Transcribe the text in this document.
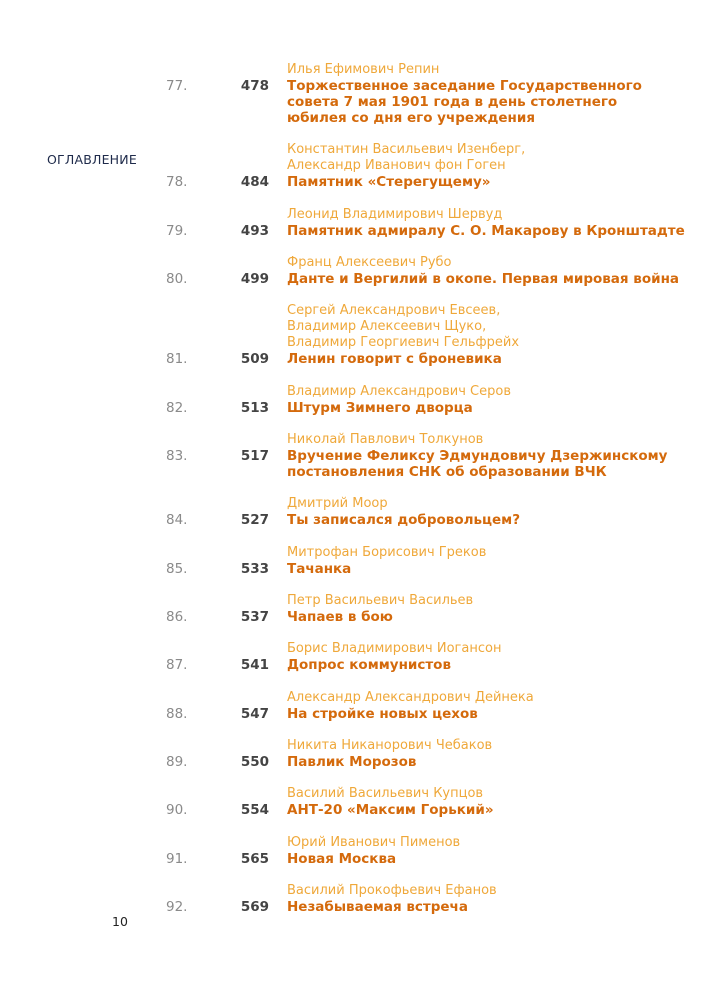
ОГЛАВЛЕНИЕ
10
Илья Ефимович Репин
77.	478 Торжественное заседание Государственного
совета 7 мая 1901 года в день столетнего
юбилея со дня его учреждения
Константин Васильевич Изенберг,
Александр Иванович фон Гоген
78.	484 Памятник «Стерегущему»
Леонид Владимирович Шервуд
79.	493 Памятник адмиралу С. О. Макарову в Кронштадте
Франц Алексеевич Рубо
80.	499 Данте и Вергилий в окопе. Первая мировая война
Сергей Александрович Евсеев,
Владимир Алексеевич Щуко,
Владимир Георгиевич Гельфрейх
81.	509 Ленин говорит с броневика
Владимир Александрович Серов
82.	513 Штурм Зимнего дворца
Николай Павлович Толкунов
83.	517 Вручение Феликсу Эдмундовичу Дзержинскому
постановления СНК об образовании ВЧК
Дмитрий Моор
84.	527 Ты записался добровольцем?
Митрофан Борисович Греков
85.	533 Тачанка
Петр Васильевич Васильев
86.	537 Чапаев в бою
Борис Владимирович Иогансон
87.	541 Допрос коммунистов
Александр Александрович Дейнека
88.	547 На стройке новых цехов
Никита Никанорович Чебаков
89.	550 Павлик Морозов
Василий Васильевич Купцов
90.	554 АНТ-20 «Максим Горький»
Юрий Иванович Пименов
91.	565 Новая Москва
Василий Прокофьевич Ефанов
92.	569 Незабываемая встреча
